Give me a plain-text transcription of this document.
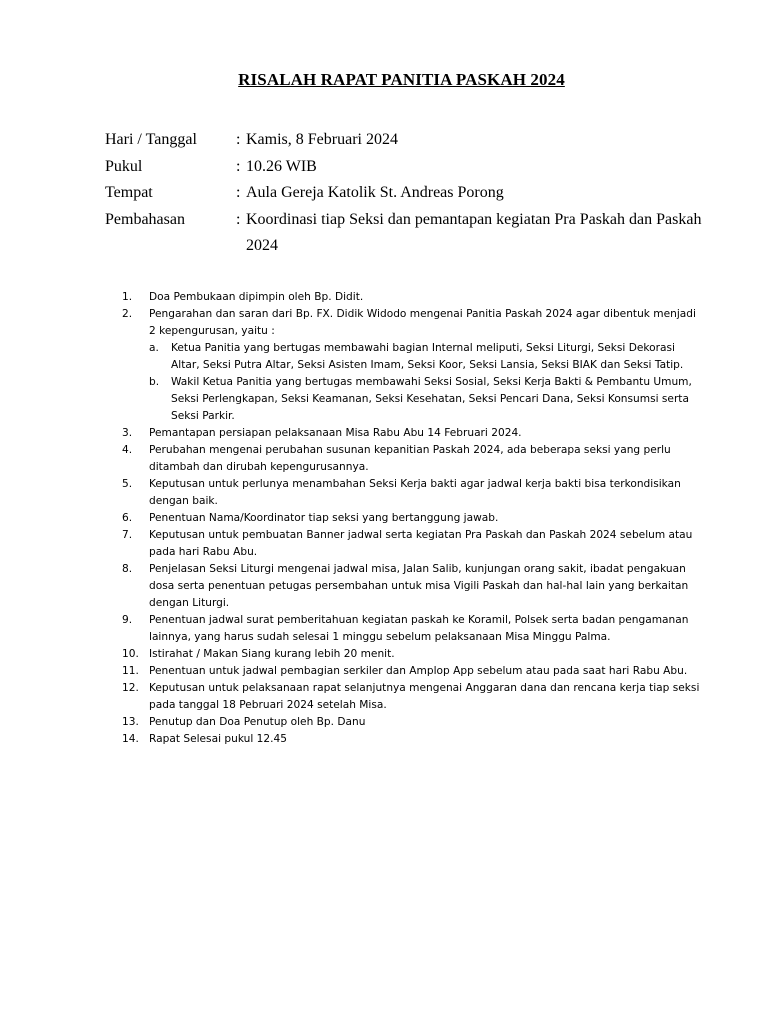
RISALAH RAPAT PANITIA PASKAH 2024
Hari / Tanggal	: Kamis, 8 Februari 2024
Pukul	: 10.26 WIB
Tempat	: Aula Gereja Katolik St. Andreas Porong
Pembahasan	: Koordinasi tiap Seksi dan pemantapan kegiatan Pra Paskah dan Paskah 2024
1.	Doa Pembukaan dipimpin oleh Bp. Didit.
2.	Pengarahan dan saran dari Bp. FX. Didik Widodo mengenai Panitia Paskah 2024 agar dibentuk menjadi 2 kepengurusan, yaitu :
a.	Ketua Panitia yang bertugas membawahi bagian Internal meliputi, Seksi Liturgi, Seksi Dekorasi Altar, Seksi Putra Altar, Seksi Asisten Imam, Seksi Koor, Seksi Lansia, Seksi BIAK dan Seksi Tatip.
b.	Wakil Ketua Panitia yang bertugas membawahi Seksi Sosial, Seksi Kerja Bakti & Pembantu Umum, Seksi Perlengkapan, Seksi Keamanan, Seksi Kesehatan, Seksi Pencari Dana, Seksi Konsumsi serta Seksi Parkir.
3.	Pemantapan persiapan pelaksanaan Misa Rabu Abu 14 Februari 2024.
4.	Perubahan mengenai perubahan susunan kepanitian Paskah 2024, ada beberapa seksi yang perlu ditambah dan dirubah kepengurusannya.
5.	Keputusan untuk perlunya menambahan Seksi Kerja bakti agar jadwal kerja bakti bisa terkondisikan dengan baik.
6.	Penentuan Nama/Koordinator tiap seksi yang bertanggung jawab.
7.	Keputusan untuk pembuatan Banner jadwal serta kegiatan Pra Paskah dan Paskah 2024 sebelum atau pada hari Rabu Abu.
8.	Penjelasan Seksi Liturgi mengenai jadwal misa, Jalan Salib, kunjungan orang sakit, ibadat pengakuan dosa serta penentuan petugas persembahan untuk misa Vigili Paskah dan hal-hal lain yang berkaitan dengan Liturgi.
9.	Penentuan jadwal surat pemberitahuan kegiatan paskah ke Koramil, Polsek serta badan pengamanan lainnya, yang harus sudah selesai 1 minggu sebelum pelaksanaan Misa Minggu Palma.
10. Istirahat / Makan Siang kurang lebih 20 menit.
11. Penentuan untuk jadwal pembagian serkiler dan Amplop App sebelum atau pada saat hari Rabu Abu.
12. Keputusan untuk pelaksanaan rapat selanjutnya mengenai Anggaran dana dan rencana kerja tiap seksi pada tanggal 18 Pebruari 2024 setelah Misa.
13. Penutup dan Doa Penutup oleh Bp. Danu
14. Rapat Selesai pukul 12.45
